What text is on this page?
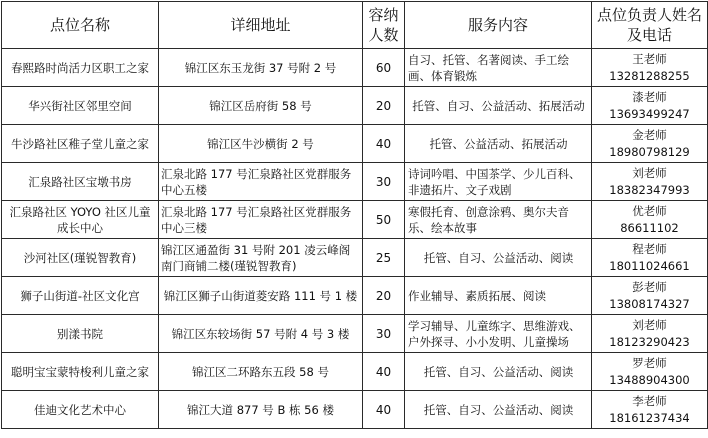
点位名称	详细地址	容纳人数	服务内容	点位负责人姓名及电话
春熙路时尚活力区职工之家	锦江区东玉龙街 37 号附 2 号	60	自习、托管、名著阅读、手工绘画、体育锻炼	王老师
13281288255

华兴街社区邻里空间	锦江区岳府街 58 号	20	托管、自习、公益活动、拓展活动	漆老师
13693499247

牛沙路社区稚子堂儿童之家	锦江区牛沙横街 2 号	40	托管、公益活动、拓展活动	金老师
18980798129

汇泉路社区宝墩书房	汇泉北路 177 号汇泉路社区党群服务中心五楼	30	诗词吟唱、中国茶学、少儿百科、非遗拓片、文子戏剧	刘老师
18382347993

汇泉路社区 YOYO 社区儿童成长中心	汇泉北路 177 号汇泉路社区党群服务中心三楼	50	寒假托育、创意涂鸦、奥尔夫音乐、绘本故事	优老师
86611102

沙河社区(瑾锐智教育)	锦江区通盈街 31 号附 201 凌云峰阁南门商铺二楼(瑾锐智教育)	25	托管、自习、公益活动、阅读	程老师
18011024661

狮子山街道-社区文化宫	锦江区狮子山街道菱安路 111 号 1 楼	20	作业辅导、素质拓展、阅读	彭老师
13808174327

别漾书院	锦江区东较场街 57 号附 4 号 3 楼	30	学习辅导、儿童练字、思维游戏、户外探寻、小小发明、儿童操场	刘老师
18123290423

聪明宝宝蒙特梭利儿童之家	锦江区二环路东五段 58 号	40	托管、自习、公益活动、阅读	罗老师
13488904300

佳迪文化艺术中心	锦江大道 877 号 B 栋 56 楼	40	托管、自习、公益活动、阅读	李老师
18161237434
